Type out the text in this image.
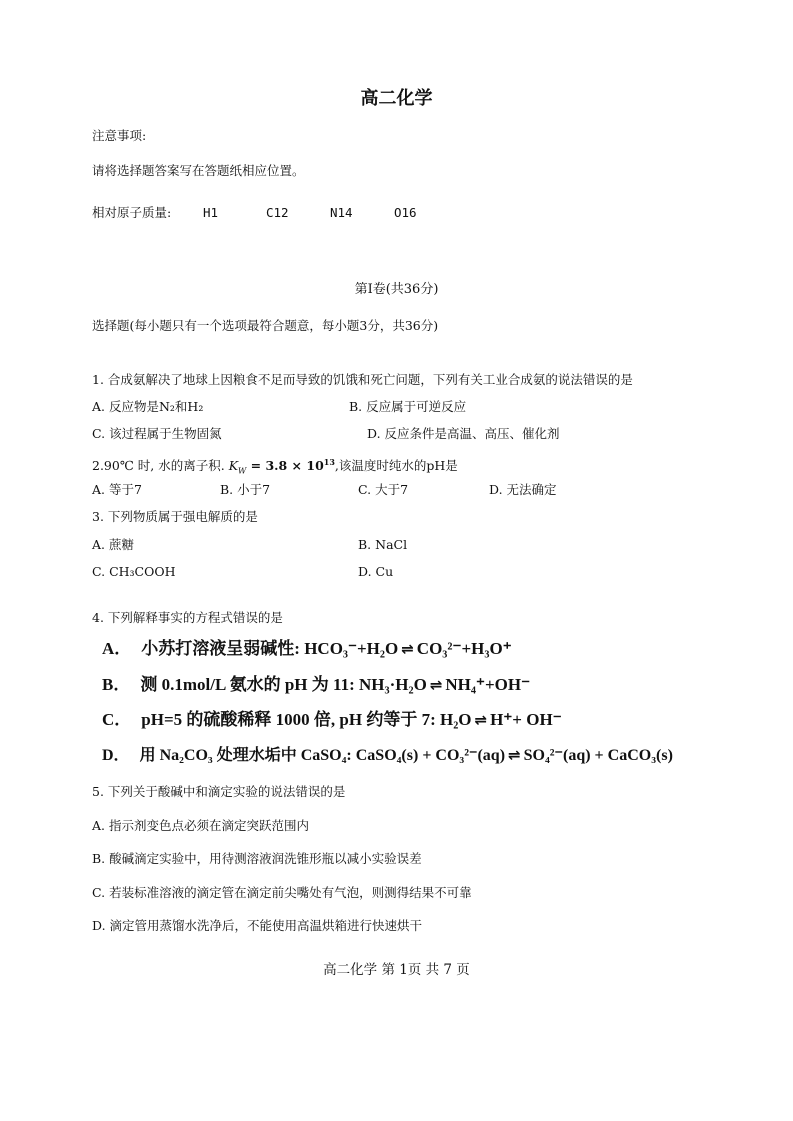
高二化学
注意事项:
请将选择题答案写在答题纸相应位置。
相对原子质量:	H1	C12	N14	O16
第Ⅰ卷(共36分)
选择题(每小题只有一个选项最符合题意，每小题3分，共36分)
1. 合成氨解决了地球上因粮食不足而导致的饥饿和死亡问题，下列有关工业合成氨的说法错误的是
A. 反应物是N₂和H₂	B. 反应属于可逆反应
C. 该过程属于生物固氮	D. 反应条件是高温、高压、催化剂
2.90℃ 时, 水的离子积. $K_W = 3.8 \times 10^{13}$,该温度时纯水的pH是
A. 等于7	B. 小于7	C. 大于7	D. 无法确定
3. 下列物质属于强电解质的是
A. 蔗糖	B. NaCl
C. CH₃COOH	D. Cu
4. 下列解释事实的方程式错误的是
A． 小苏打溶液呈弱碱性: HCO₃⁻+H₂O ⇌ CO₃²⁻+H₃O⁺
B． 测 0.1mol/L 氨水的 pH 为 11: NH₃·H₂O ⇌ NH₄⁺+OH⁻
C． pH=5 的硫酸稀释 1000 倍, pH 约等于 7: H₂O ⇌ H⁺+ OH⁻
D． 用 Na₂CO₃ 处理水垢中 CaSO₄: CaSO₄(s) + CO₃²⁻(aq) ⇌ SO₄²⁻(aq) + CaCO₃(s)
5. 下列关于酸碱中和滴定实验的说法错误的是
A. 指示剂变色点必须在滴定突跃范围内
B. 酸碱滴定实验中，用待测溶液润洗锥形瓶以减小实验误差
C. 若装标准溶液的滴定管在滴定前尖嘴处有气泡，则测得结果不可靠
D. 滴定管用蒸馏水洗净后，不能使用高温烘箱进行快速烘干
高二化学 第 1页 共 7 页
